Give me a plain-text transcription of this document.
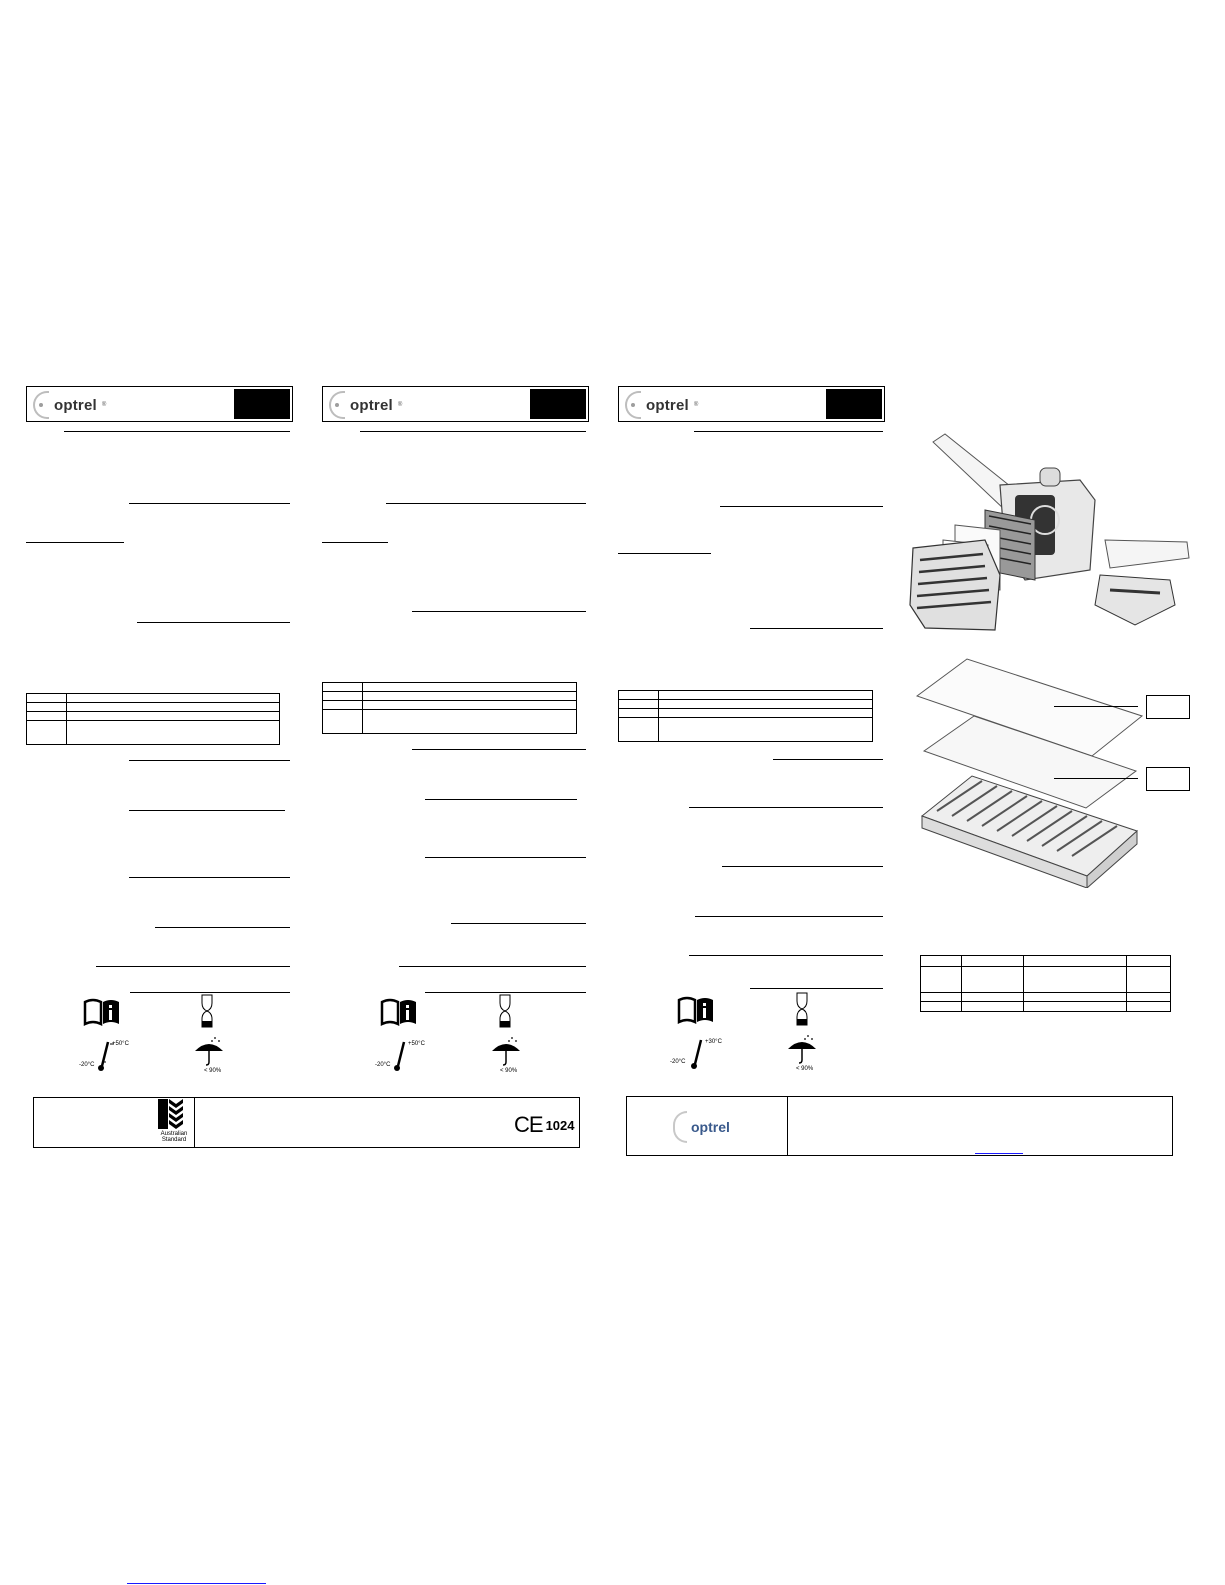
optrel ®

+50°C
-20°C
< 90%
optrel ®

+50°C
-20°C
< 90%
Australian Standard
CE 1024
optrel ®

+30°C
-20°C
< 90%

optrel
